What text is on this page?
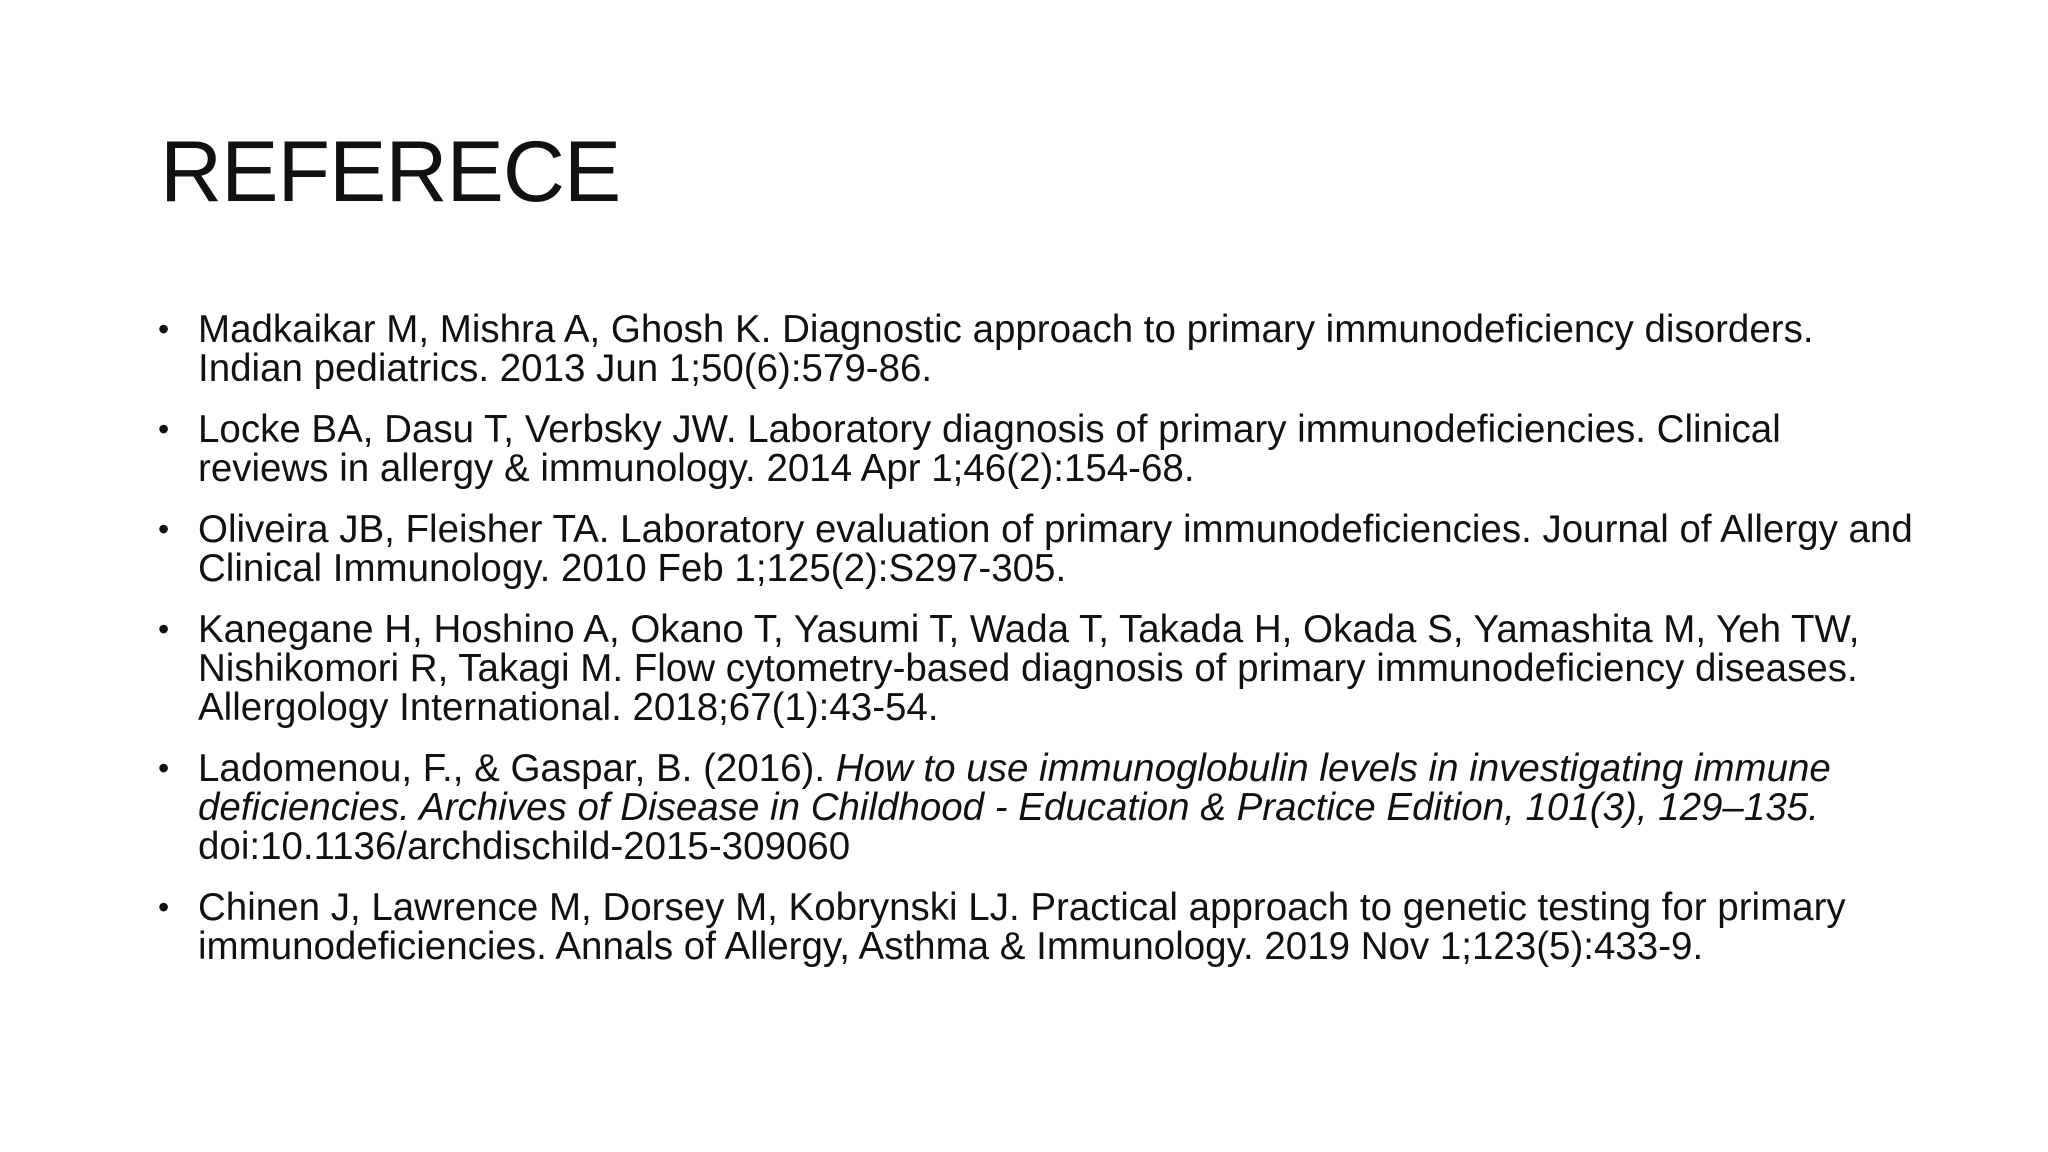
REFERECE
• Madkaikar M, Mishra A, Ghosh K. Diagnostic approach to primary immunodeficiency disorders. Indian pediatrics. 2013 Jun 1;50(6):579-86.
• Locke BA, Dasu T, Verbsky JW. Laboratory diagnosis of primary immunodeficiencies. Clinical reviews in allergy & immunology. 2014 Apr 1;46(2):154-68.
• Oliveira JB, Fleisher TA. Laboratory evaluation of primary immunodeficiencies. Journal of Allergy and Clinical Immunology. 2010 Feb 1;125(2):S297-305.
• Kanegane H, Hoshino A, Okano T, Yasumi T, Wada T, Takada H, Okada S, Yamashita M, Yeh TW, Nishikomori R, Takagi M. Flow cytometry-based diagnosis of primary immunodeficiency diseases. Allergology International. 2018;67(1):43-54.
• Ladomenou, F., & Gaspar, B. (2016). How to use immunoglobulin levels in investigating immune deficiencies. Archives of Disease in Childhood - Education & Practice Edition, 101(3), 129–135. doi:10.1136/archdischild-2015-309060
• Chinen J, Lawrence M, Dorsey M, Kobrynski LJ. Practical approach to genetic testing for primary immunodeficiencies. Annals of Allergy, Asthma & Immunology. 2019 Nov 1;123(5):433-9.
